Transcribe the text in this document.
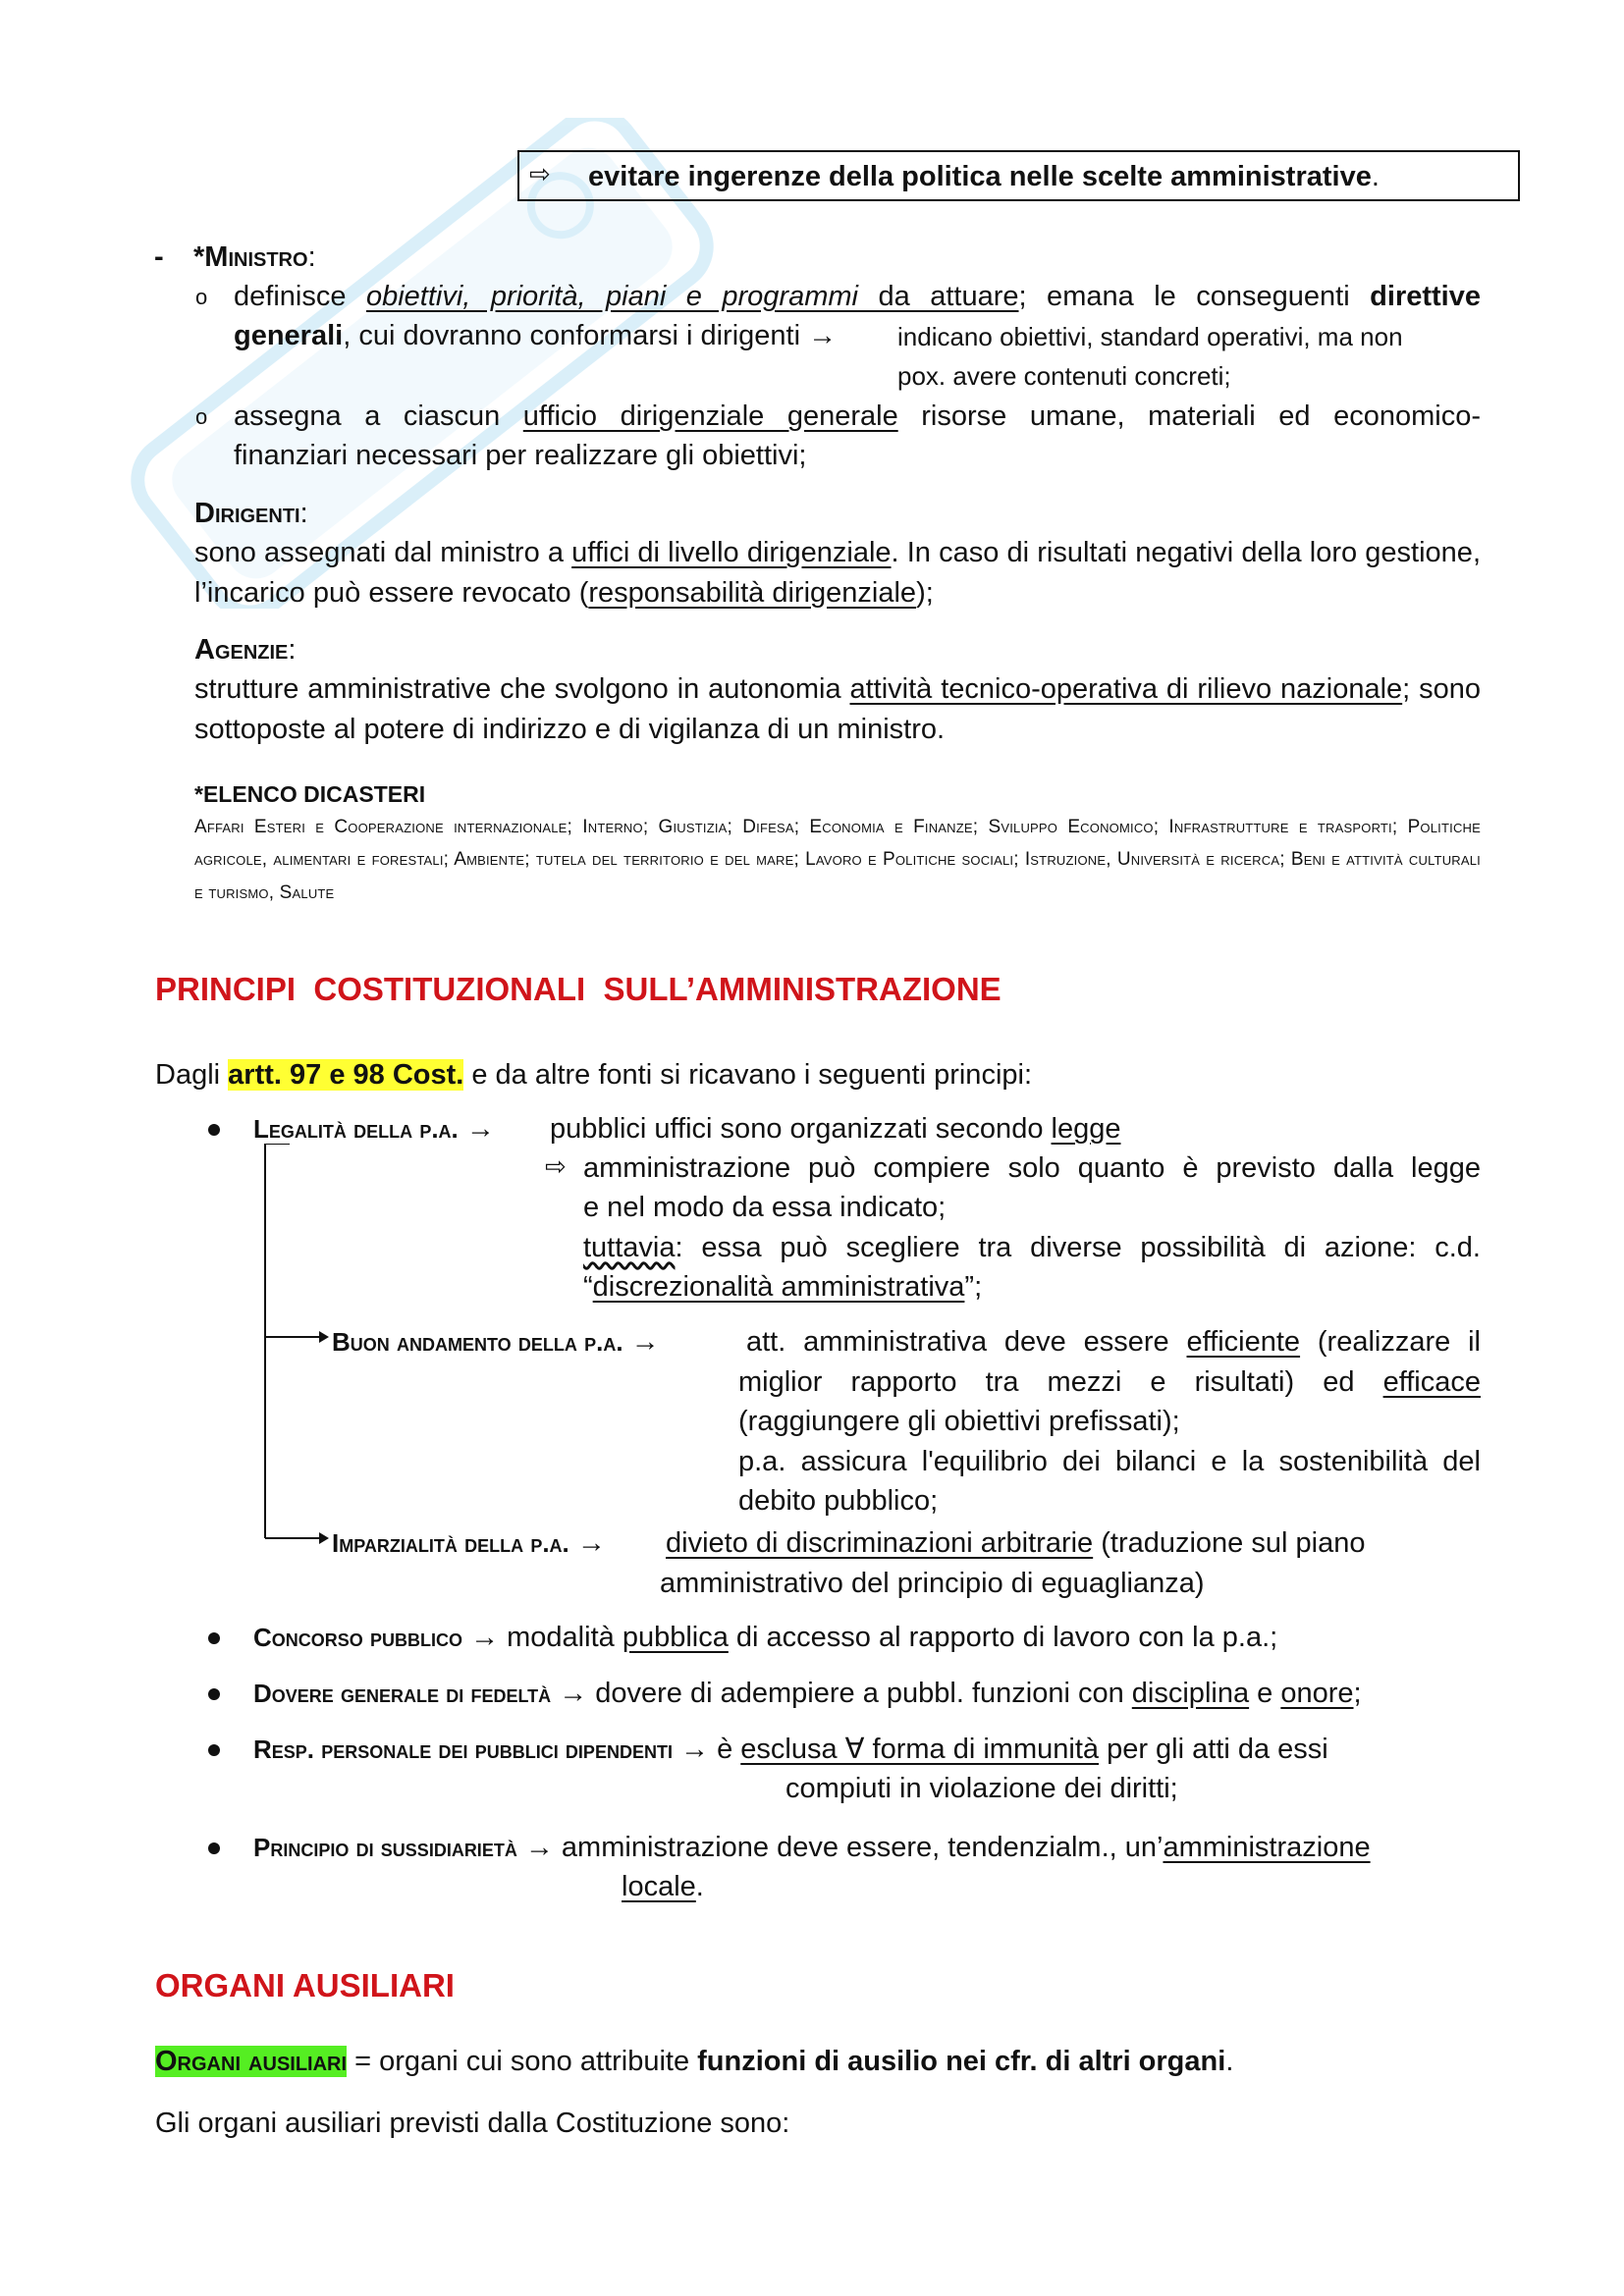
⇨ evitare ingerenze della politica nelle scelte amministrative.
- *Ministro:
o definisce obiettivi, priorità, piani e programmi da attuare; emana le conseguenti direttive
generali, cui dovranno conformarsi i dirigenti → indicano obiettivi, standard operativi, ma non
pox. avere contenuti concreti;
o assegna a ciascun ufficio dirigenziale generale risorse umane, materiali ed economico-
finanziari necessari per realizzare gli obiettivi;
Dirigenti:
sono assegnati dal ministro a uffici di livello dirigenziale. In caso di risultati negativi della loro gestione, l’incarico può essere revocato (responsabilità dirigenziale);
Agenzie:
strutture amministrative che svolgono in autonomia attività tecnico-operativa di rilievo nazionale; sono sottoposte al potere di indirizzo e di vigilanza di un ministro.
*ELENCO DICASTERI
Affari Esteri e Cooperazione internazionale; Interno; Giustizia; Difesa; Economia e Finanze; Sviluppo Economico; Infrastrutture e trasporti; Politiche agricole, alimentari e forestali; Ambiente; tutela del territorio e del mare; Lavoro e Politiche sociali; Istruzione, Università e ricerca; Beni e attività culturali e turismo, Salute
PRINCIPI  COSTITUZIONALI  SULL’AMMINISTRAZIONE
Dagli artt. 97 e 98 Cost. e da altre fonti si ricavano i seguenti principi:
Legalità della p.a. → pubblici uffici sono organizzati secondo legge
⇨ amministrazione può compiere solo quanto è previsto dalla legge
e nel modo da essa indicato;
tuttavia: essa può scegliere tra diverse possibilità di azione: c.d.
“discrezionalità amministrativa”;
Buon andamento della p.a. →	att. amministrativa deve essere efficiente (realizzare il
miglior rapporto tra mezzi e risultati) ed efficace
(raggiungere gli obiettivi prefissati);
p.a. assicura l'equilibrio dei bilanci e la sostenibilità del
debito pubblico;
Imparzialità della p.a. → divieto di discriminazioni arbitrarie (traduzione sul piano
amministrativo del principio di eguaglianza)
Concorso pubblico → modalità pubblica di accesso al rapporto di lavoro con la p.a.;
Dovere generale di fedeltà → dovere di adempiere a pubbl. funzioni con disciplina e onore;
Resp. personale dei pubblici dipendenti → è esclusa ∀ forma di immunità per gli atti da essi
compiuti in violazione dei diritti;
Principio di sussidiarietà → amministrazione deve essere, tendenzialm., un’amministrazione
locale.
ORGANI AUSILIARI
Organi ausiliari = organi cui sono attribuite funzioni di ausilio nei cfr. di altri organi.
Gli organi ausiliari previsti dalla Costituzione sono:
